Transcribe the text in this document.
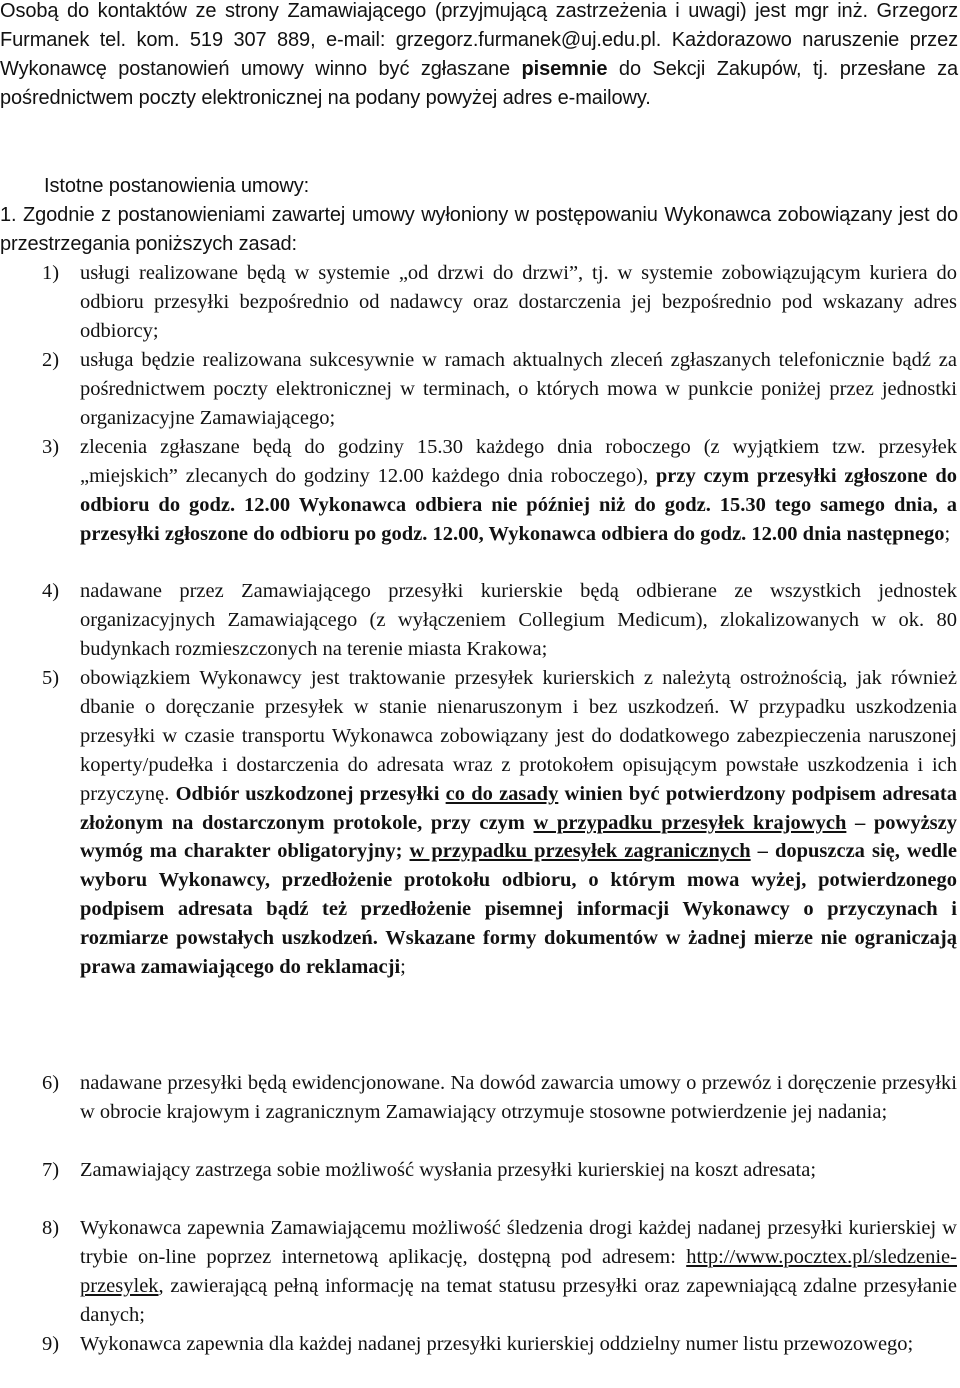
Osobą do kontaktów ze strony Zamawiającego (przyjmującą zastrzeżenia i uwagi) jest mgr inż. Grzegorz Furmanek tel. kom. 519 307 889, e-mail: grzegorz.furmanek@uj.edu.pl. Każdorazowo naruszenie przez Wykonawcę postanowień umowy winno być zgłaszane pisemnie do Sekcji Zakupów, tj. przesłane za pośrednictwem poczty elektronicznej na podany powyżej adres e-mailowy.
Istotne postanowienia umowy:
1. Zgodnie z postanowieniami zawartej umowy wyłoniony w postępowaniu Wykonawca zobowiązany jest do przestrzegania poniższych zasad:
1) usługi realizowane będą w systemie „od drzwi do drzwi”, tj. w systemie zobowiązującym kuriera do odbioru przesyłki bezpośrednio od nadawcy oraz dostarczenia jej bezpośrednio pod wskazany adres odbiorcy;
2) usługa będzie realizowana sukcesywnie w ramach aktualnych zleceń zgłaszanych telefonicznie bądź za pośrednictwem poczty elektronicznej w terminach, o których mowa w punkcie poniżej przez jednostki organizacyjne Zamawiającego;
3) zlecenia zgłaszane będą do godziny 15.30 każdego dnia roboczego (z wyjątkiem tzw. przesyłek „miejskich” zlecanych do godziny 12.00 każdego dnia roboczego), przy czym przesyłki zgłoszone do odbioru do godz. 12.00 Wykonawca odbiera nie później niż do godz. 15.30 tego samego dnia, a przesyłki zgłoszone do odbioru po godz. 12.00, Wykonawca odbiera do godz. 12.00 dnia następnego;
4) nadawane przez Zamawiającego przesyłki kurierskie będą odbierane ze wszystkich jednostek organizacyjnych Zamawiającego (z wyłączeniem Collegium Medicum), zlokalizowanych w ok. 80 budynkach rozmieszczonych na terenie miasta Krakowa;
5) obowiązkiem Wykonawcy jest traktowanie przesyłek kurierskich z należytą ostrożnością, jak również dbanie o doręczanie przesyłek w stanie nienaruszonym i bez uszkodzeń. W przypadku uszkodzenia przesyłki w czasie transportu Wykonawca zobowiązany jest do dodatkowego zabezpieczenia naruszonej koperty/pudełka i dostarczenia do adresata wraz z protokołem opisującym powstałe uszkodzenia i ich przyczynę. Odbiór uszkodzonej przesyłki co do zasady winien być potwierdzony podpisem adresata złożonym na dostarczonym protokole, przy czym w przypadku przesyłek krajowych – powyższy wymóg ma charakter obligatoryjny; w przypadku przesyłek zagranicznych – dopuszcza się, wedle wyboru Wykonawcy, przedłożenie protokołu odbioru, o którym mowa wyżej, potwierdzonego podpisem adresata bądź też przedłożenie pisemnej informacji Wykonawcy o przyczynach i rozmiarze powstałych uszkodzeń. Wskazane formy dokumentów w żadnej mierze nie ograniczają prawa zamawiającego do reklamacji;
6) nadawane przesyłki będą ewidencjonowane. Na dowód zawarcia umowy o przewóz i doręczenie przesyłki w obrocie krajowym i zagranicznym Zamawiający otrzymuje stosowne potwierdzenie jej nadania;
7) Zamawiający zastrzega sobie możliwość wysłania przesyłki kurierskiej na koszt adresata;
8) Wykonawca zapewnia Zamawiającemu możliwość śledzenia drogi każdej nadanej przesyłki kurierskiej w trybie on-line poprzez internetową aplikację, dostępną pod adresem: http://www.pocztex.pl/sledzenie-przesylek, zawierającą pełną informację na temat statusu przesyłki oraz zapewniającą zdalne przesyłanie danych;
9) Wykonawca zapewnia dla każdej nadanej przesyłki kurierskiej oddzielny numer listu przewozowego;
